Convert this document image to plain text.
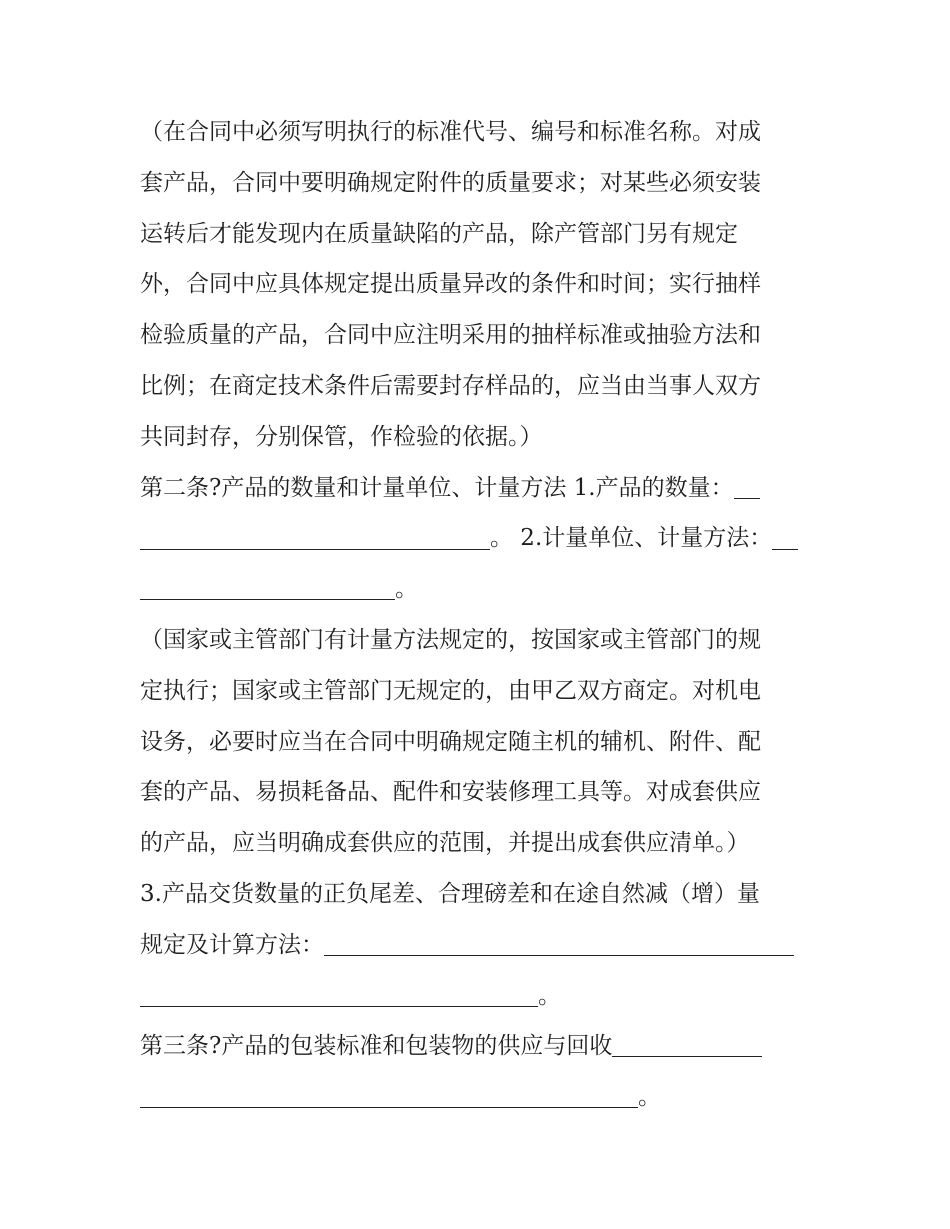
（在合同中必须写明执行的标准代号、编号和标准名称。对成
套产品，合同中要明确规定附件的质量要求；对某些必须安装
运转后才能发现内在质量缺陷的产品，除产管部门另有规定
外，合同中应具体规定提出质量异改的条件和时间；实行抽样
检验质量的产品，合同中应注明采用的抽样标准或抽验方法和
比例；在商定技术条件后需要封存样品的，应当由当事人双方
共同封存，分别保管，作检验的依据。）
第二条?产品的数量和计量单位、计量方法 1.产品的数量：
。 2.计量单位、计量方法：
。
（国家或主管部门有计量方法规定的，按国家或主管部门的规
定执行；国家或主管部门无规定的，由甲乙双方商定。对机电
设务，必要时应当在合同中明确规定随主机的辅机、附件、配
套的产品、易损耗备品、配件和安装修理工具等。对成套供应
的产品，应当明确成套供应的范围，并提出成套供应清单。）
3.产品交货数量的正负尾差、合理磅差和在途自然减（增）量
规定及计算方法：
。
第三条?产品的包装标准和包装物的供应与回收
。
